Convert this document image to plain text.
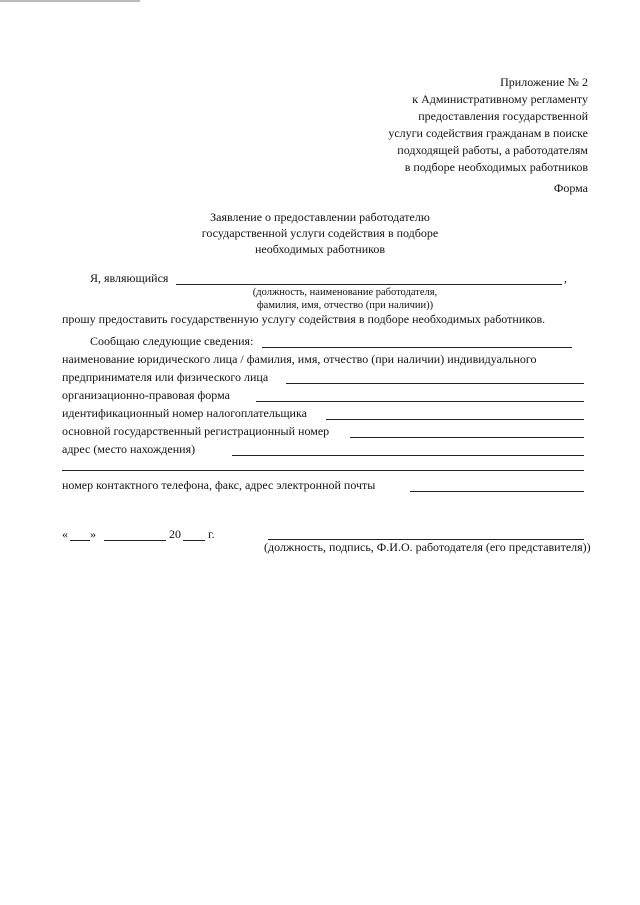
Приложение № 2
к Административному регламенту
предоставления государственной
услуги содействия гражданам в поиске
подходящей работы, а работодателям
в подборе необходимых работников
Форма
Заявление о предоставлении работодателю
государственной услуги содействия в подборе
необходимых работников
Я, являющийся	,
(должность, наименование работодателя,
фамилия, имя, отчество (при наличии))
прошу предоставить государственную услугу содействия в подборе необходимых работников.
Сообщаю следующие сведения:
наименование юридического лица / фамилия, имя, отчество (при наличии) индивидуального
предпринимателя или физического лица
организационно-правовая форма
идентификационный номер налогоплательщика
основной государственный регистрационный номер
адрес (место нахождения)
номер контактного телефона, факс, адрес электронной почты
« »	20 г.
(должность, подпись, Ф.И.О. работодателя (его представителя))
